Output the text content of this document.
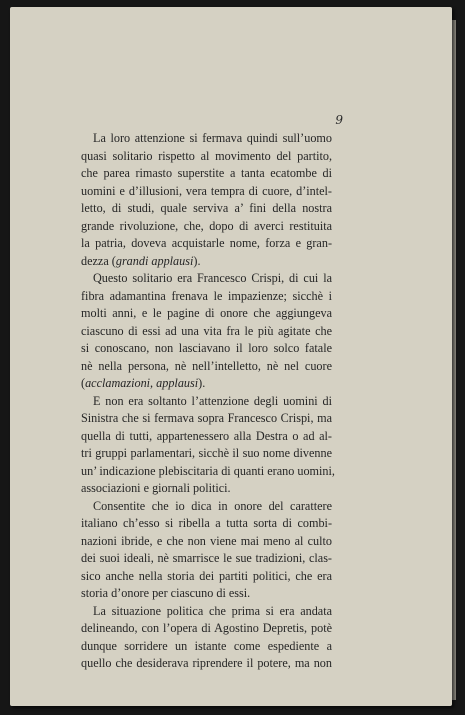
9
La loro attenzione si fermava quindi sull’uomo
quasi solitario rispetto al movimento del partito,
che parea rimasto superstite a tanta ecatombe di
uomini e d’illusioni, vera tempra di cuore, d’intel-
letto, di studi, quale serviva a’ fini della nostra
grande rivoluzione, che, dopo di averci restituita
la patria, doveva acquistarle nome, forza e gran-
dezza (grandi applausi).
Questo solitario era Francesco Crispi, di cui la
fibra adamantina frenava le impazienze; sicchè i
molti anni, e le pagine di onore che aggiungeva
ciascuno di essi ad una vita fra le più agitate che
si conoscano, non lasciavano il loro solco fatale
nè nella persona, nè nell’intelletto, nè nel cuore
(acclamazioni, applausi).
E non era soltanto l’attenzione degli uomini di
Sinistra che si fermava sopra Francesco Crispi, ma
quella di tutti, appartenessero alla Destra o ad al-
tri gruppi parlamentari, sicchè il suo nome divenne
un’ indicazione plebiscitaria di quanti erano uomini,
associazioni e giornali politici.
Consentite che io dica in onore del carattere
italiano ch’esso si ribella a tutta sorta di combi-
nazioni ibride, e che non viene mai meno al culto
dei suoi ideali, nè smarrisce le sue tradizioni, clas-
sico anche nella storia dei partiti politici, che era
storia d’onore per ciascuno di essi.
La situazione politica che prima si era andata
delineando, con l’opera di Agostino Depretis, potè
dunque sorridere un istante come espediente a
quello che desiderava riprendere il potere, ma non
